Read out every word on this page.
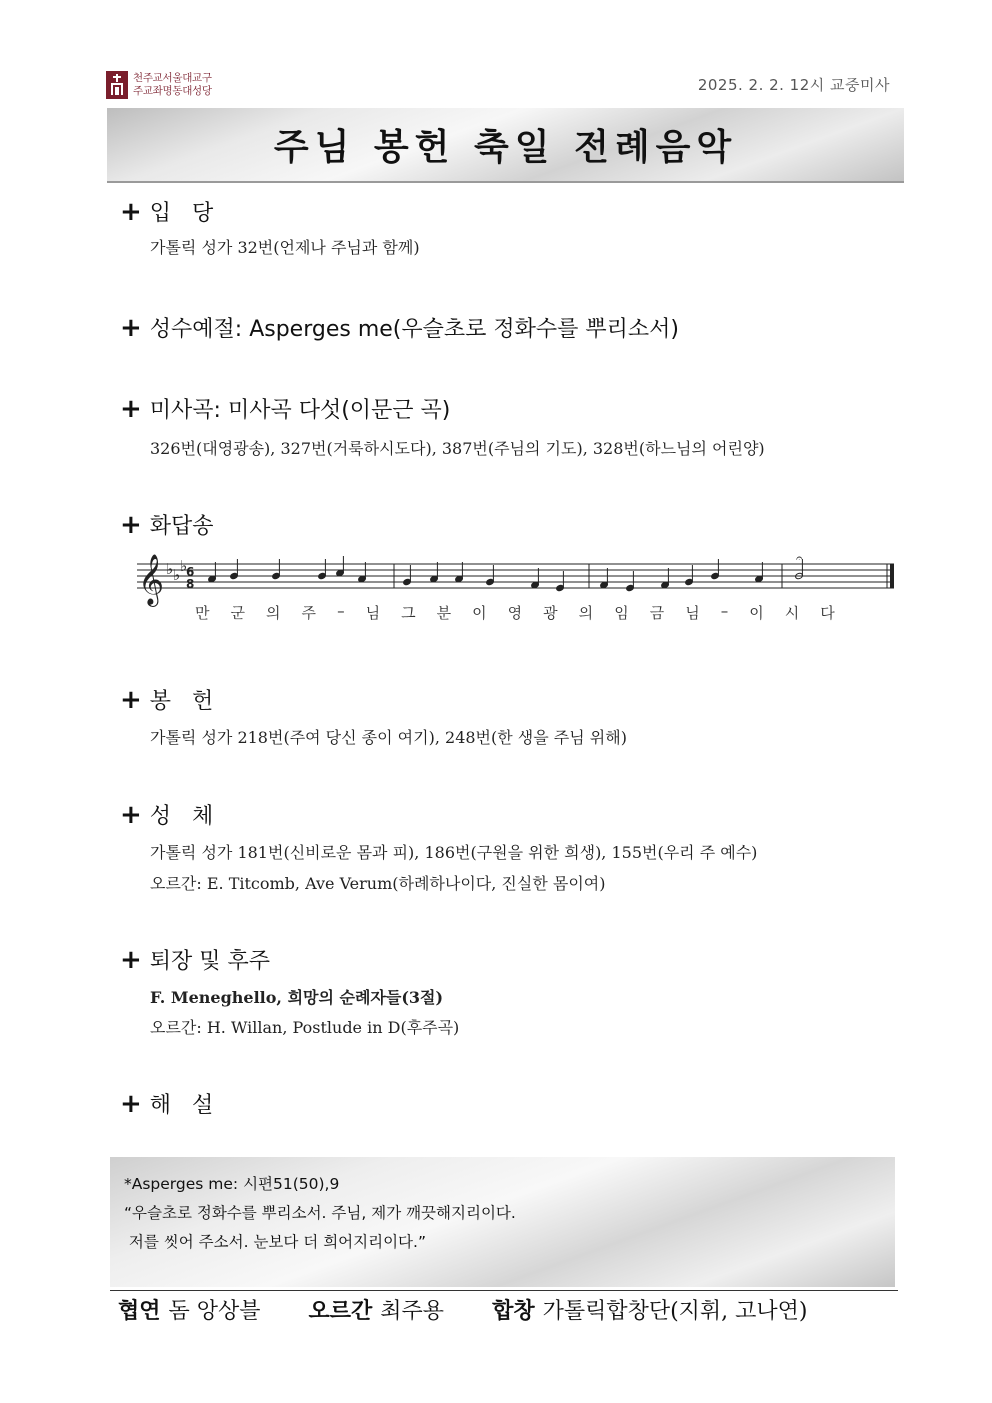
천주교서울대교구
주교좌명동대성당	2025. 2. 2. 12시 교중미사
주님 봉헌 축일 전례음악
+ 입   당
가톨릭 성가 32번(언제나 주님과 함께)
+ 성수예절: Asperges me(우슬초로 정화수를 뿌리소서)
+ 미사곡: 미사곡 다섯(이문근 곡)
326번(대영광송), 327번(거룩하시도다), 387번(주님의 기도), 328번(하느님의 어린양)
+ 화답송
𝄞 ♭ ♭ ♭
6
8
𝄐
만 군 의 주 – 님 그 분 이 영 광 의 임 금 님 – 이 시 다
+ 봉   헌
가톨릭 성가 218번(주여 당신 종이 여기), 248번(한 생을 주님 위해)
+ 성   체
가톨릭 성가 181번(신비로운 몸과 피), 186번(구원을 위한 희생), 155번(우리 주 예수)
오르간: E. Titcomb, Ave Verum(하례하나이다, 진실한 몸이여)
+ 퇴장 및 후주
F. Meneghello, 희망의 순례자들(3절)
오르간: H. Willan, Postlude in D(후주곡)
+ 해   설
*Asperges me: 시편51(50),9
“우슬초로 정화수를 뿌리소서. 주님, 제가 깨끗해지리이다.
저를 씻어 주소서. 눈보다 더 희어지리이다.”
협연 돔 앙상블 오르간 최주용 합창 가톨릭합창단(지휘, 고나연)
